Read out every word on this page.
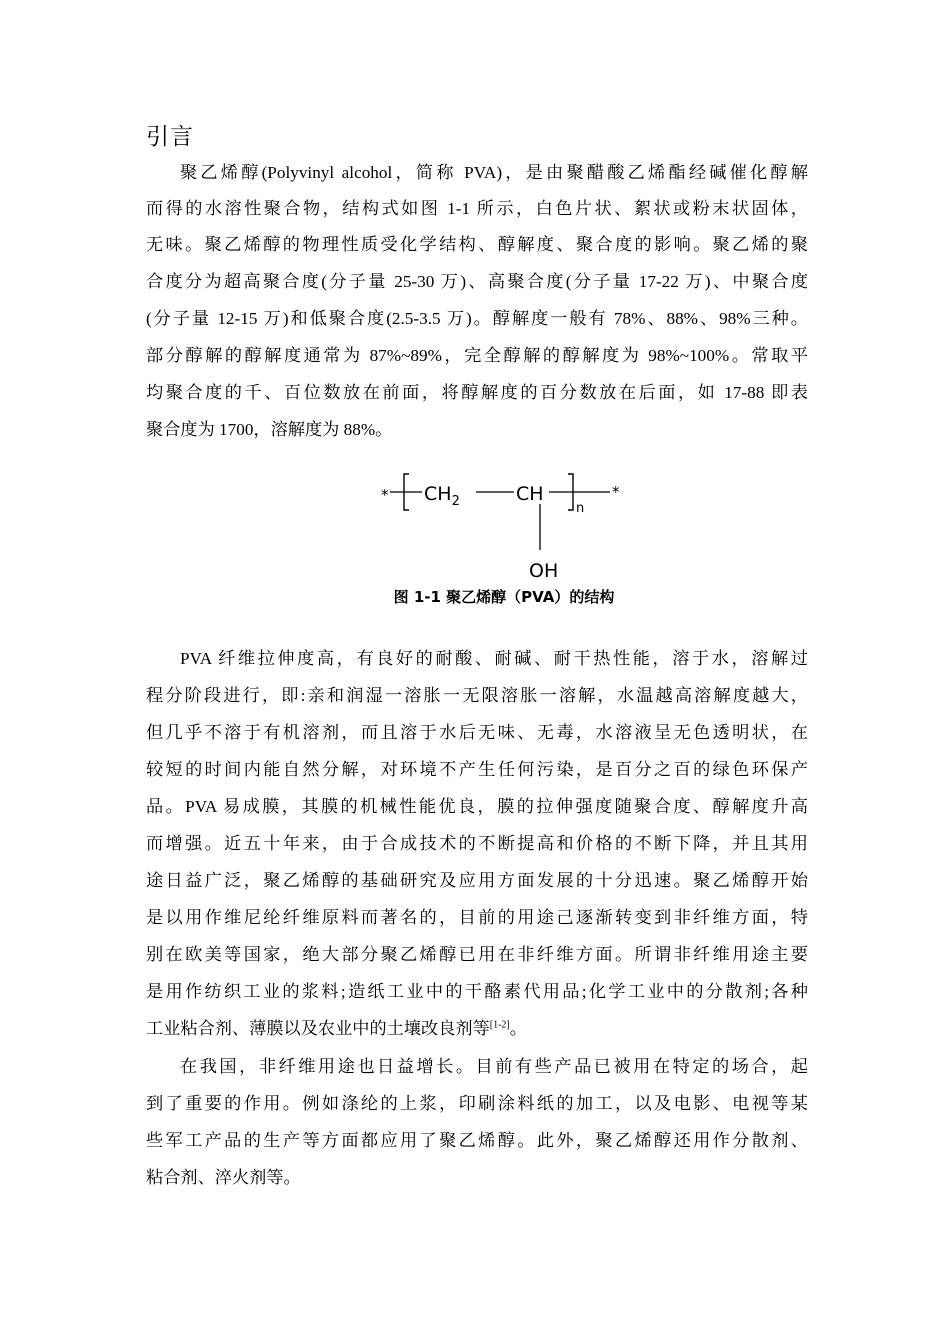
引言
聚乙烯醇(Polyvinyl alcohol，简称 PVA)，是由聚醋酸乙烯酯经碱催化醇解
而得的水溶性聚合物，结构式如图 1-1 所示，白色片状、絮状或粉末状固体，
无味。聚乙烯醇的物理性质受化学结构、醇解度、聚合度的影响。聚乙烯的聚
合度分为超高聚合度(分子量 25-30 万)、高聚合度(分子量 17-22 万)、中聚合度
(分子量 12-15 万)和低聚合度(2.5-3.5 万)。醇解度一般有 78%、88%、98%三种。
部分醇解的醇解度通常为 87%~89%，完全醇解的醇解度为 98%~100%。常取平
均聚合度的千、百位数放在前面，将醇解度的百分数放在后面，如 17-88 即表
聚合度为 1700，溶解度为 88%。
* $CH_2$	CH
n
*
OH
图 1-1 聚乙烯醇（PVA）的结构
PVA 纤维拉伸度高，有良好的耐酸、耐碱、耐干热性能，溶于水，溶解过
程分阶段进行，即:亲和润湿一溶胀一无限溶胀一溶解，水温越高溶解度越大，
但几乎不溶于有机溶剂，而且溶于水后无味、无毒，水溶液呈无色透明状，在
较短的时间内能自然分解，对环境不产生任何污染，是百分之百的绿色环保产
品。PVA 易成膜，其膜的机械性能优良，膜的拉伸强度随聚合度、醇解度升高
而增强。近五十年来，由于合成技术的不断提高和价格的不断下降，并且其用
途日益广泛，聚乙烯醇的基础研究及应用方面发展的十分迅速。聚乙烯醇开始
是以用作维尼纶纤维原料而著名的，目前的用途己逐渐转变到非纤维方面，特
别在欧美等国家，绝大部分聚乙烯醇已用在非纤维方面。所谓非纤维用途主要
是用作纺织工业的浆料;造纸工业中的干酪素代用品;化学工业中的分散剂;各种
工业粘合剂、薄膜以及农业中的土壤改良剂等[1-2]。
在我国，非纤维用途也日益增长。目前有些产品已被用在特定的场合，起
到了重要的作用。例如涤纶的上浆，印刷涂料纸的加工，以及电影、电视等某
些军工产品的生产等方面都应用了聚乙烯醇。此外，聚乙烯醇还用作分散剂、
粘合剂、淬火剂等。
